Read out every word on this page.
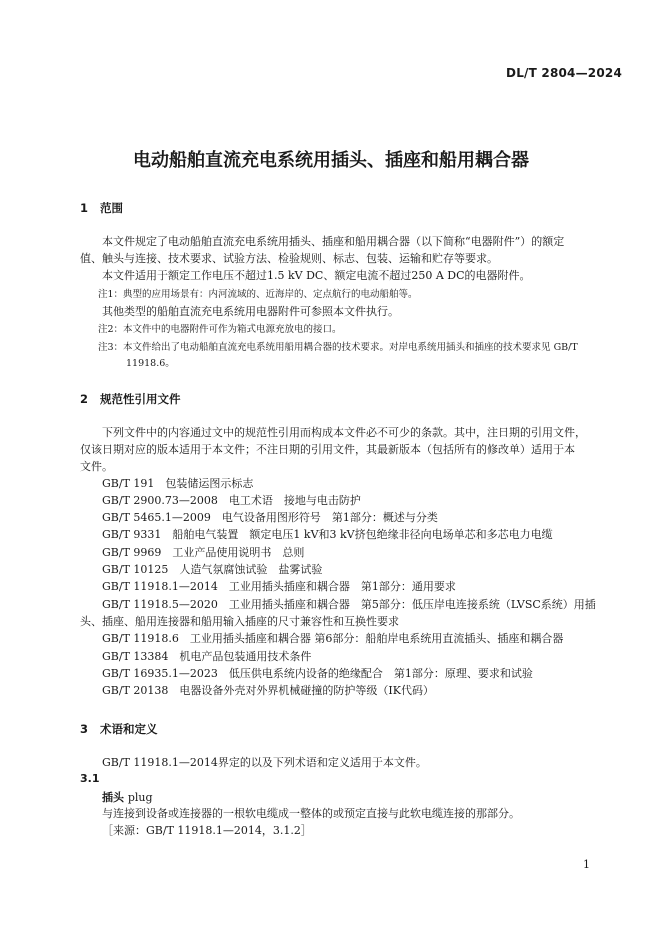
DL/T 2804—2024
电动船舶直流充电系统用插头、插座和船用耦合器
1 范围
本文件规定了电动船舶直流充电系统用插头、插座和船用耦合器（以下简称“电器附件”）的额定
值、触头与连接、技术要求、试验方法、检验规则、标志、包装、运输和贮存等要求。
本文件适用于额定工作电压不超过1.5 kV DC、额定电流不超过250 A DC的电器附件。
注1：典型的应用场景有：内河流域的、近海岸的、定点航行的电动船舶等。
其他类型的船舶直流充电系统用电器附件可参照本文件执行。
注2：本文件中的电器附件可作为箱式电源充放电的接口。
注3：本文件给出了电动船舶直流充电系统用船用耦合器的技术要求。对岸电系统用插头和插座的技术要求见 GB/T
11918.6。
2 规范性引用文件
下列文件中的内容通过文中的规范性引用而构成本文件必不可少的条款。其中，注日期的引用文件，
仅该日期对应的版本适用于本文件；不注日期的引用文件，其最新版本（包括所有的修改单）适用于本
文件。
GB/T 191　包装储运图示标志
GB/T 2900.73—2008　电工术语　接地与电击防护
GB/T 5465.1—2009　电气设备用图形符号　第1部分：概述与分类
GB/T 9331　船舶电气装置　额定电压1 kV和3 kV挤包绝缘非径向电场单芯和多芯电力电缆
GB/T 9969　工业产品使用说明书　总则
GB/T 10125　人造气氛腐蚀试验　盐雾试验
GB/T 11918.1—2014　工业用插头插座和耦合器　第1部分：通用要求
GB/T 11918.5—2020　工业用插头插座和耦合器　第5部分：低压岸电连接系统（LVSC系统）用插
头、插座、船用连接器和船用输入插座的尺寸兼容性和互换性要求
GB/T 11918.6　工业用插头插座和耦合器 第6部分：船舶岸电系统用直流插头、插座和耦合器
GB/T 13384　机电产品包装通用技术条件
GB/T 16935.1—2023　低压供电系统内设备的绝缘配合　第1部分：原理、要求和试验
GB/T 20138　电器设备外壳对外界机械碰撞的防护等级（IK代码）
3 术语和定义
GB/T 11918.1—2014界定的以及下列术语和定义适用于本文件。
3.1
插头 plug
与连接到设备或连接器的一根软电缆成一整体的或预定直接与此软电缆连接的那部分。
［来源：GB/T 11918.1—2014，3.1.2］
1
